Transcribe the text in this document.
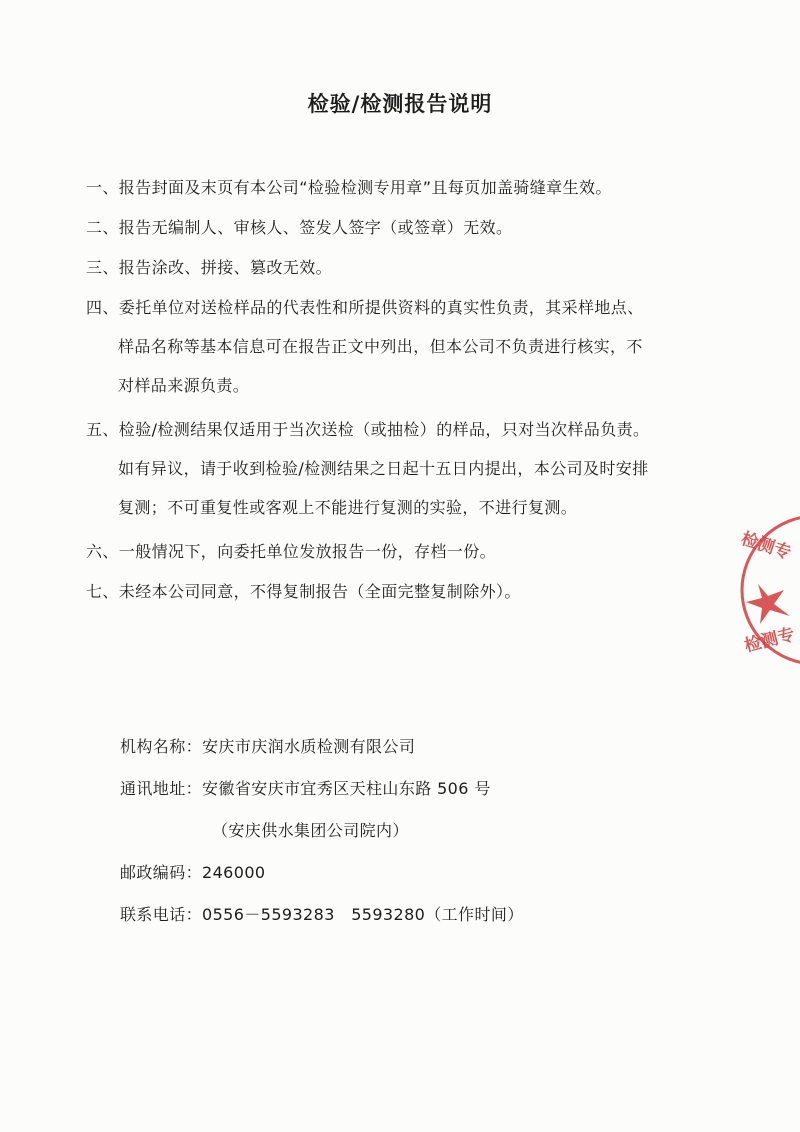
检验/检测报告说明
一、报告封面及末页有本公司“检验检测专用章”且每页加盖骑缝章生效。
二、报告无编制人、审核人、签发人签字（或签章）无效。
三、报告涂改、拼接、篡改无效。
四、委托单位对送检样品的代表性和所提供资料的真实性负责，其采样地点、
样品名称等基本信息可在报告正文中列出，但本公司不负责进行核实，不
对样品来源负责。
五、检验/检测结果仅适用于当次送检（或抽检）的样品，只对当次样品负责。
如有异议，请于收到检验/检测结果之日起十五日内提出，本公司及时安排
复测；不可重复性或客观上不能进行复测的实验，不进行复测。
六、一般情况下，向委托单位发放报告一份，存档一份。
七、未经本公司同意，不得复制报告（全面完整复制除外）。
机构名称：安庆市庆润水质检测有限公司
通讯地址：安徽省安庆市宜秀区天柱山东路 506 号
（安庆供水集团公司院内）
邮政编码：246000
联系电话：0556－5593283　5593280（工作时间）
检测专
检测专
